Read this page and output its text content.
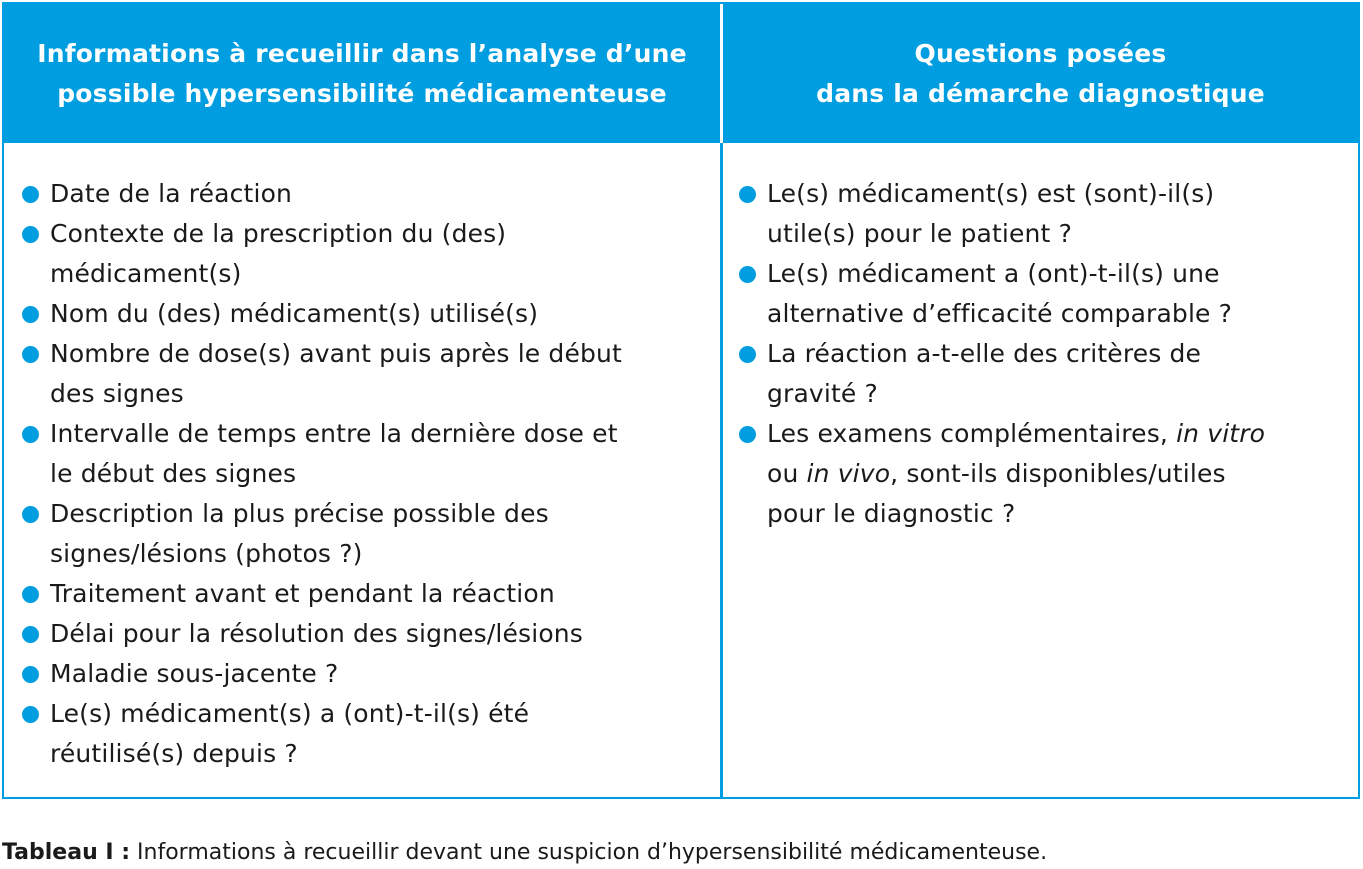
Informations à recueillir dans l’analyse d’une
possible hypersensibilité médicamenteuse
Questions posées
dans la démarche diagnostique
Date de la réaction
Contexte de la prescription du (des)
médicament(s)
Nom du (des) médicament(s) utilisé(s)
Nombre de dose(s) avant puis après le début
des signes
Intervalle de temps entre la dernière dose et
le début des signes
Description la plus précise possible des
signes/lésions (photos ?)
Traitement avant et pendant la réaction
Délai pour la résolution des signes/lésions
Maladie sous-jacente ?
Le(s) médicament(s) a (ont)-t-il(s) été
réutilisé(s) depuis ?
Le(s) médicament(s) est (sont)-il(s)
utile(s) pour le patient ?
Le(s) médicament a (ont)-t-il(s) une
alternative d’efficacité comparable ?
La réaction a-t-elle des critères de
gravité ?
Les examens complémentaires, in vitro
ou in vivo, sont-ils disponibles/utiles
pour le diagnostic ?
Tableau I : Informations à recueillir devant une suspicion d’hypersensibilité médicamenteuse.
